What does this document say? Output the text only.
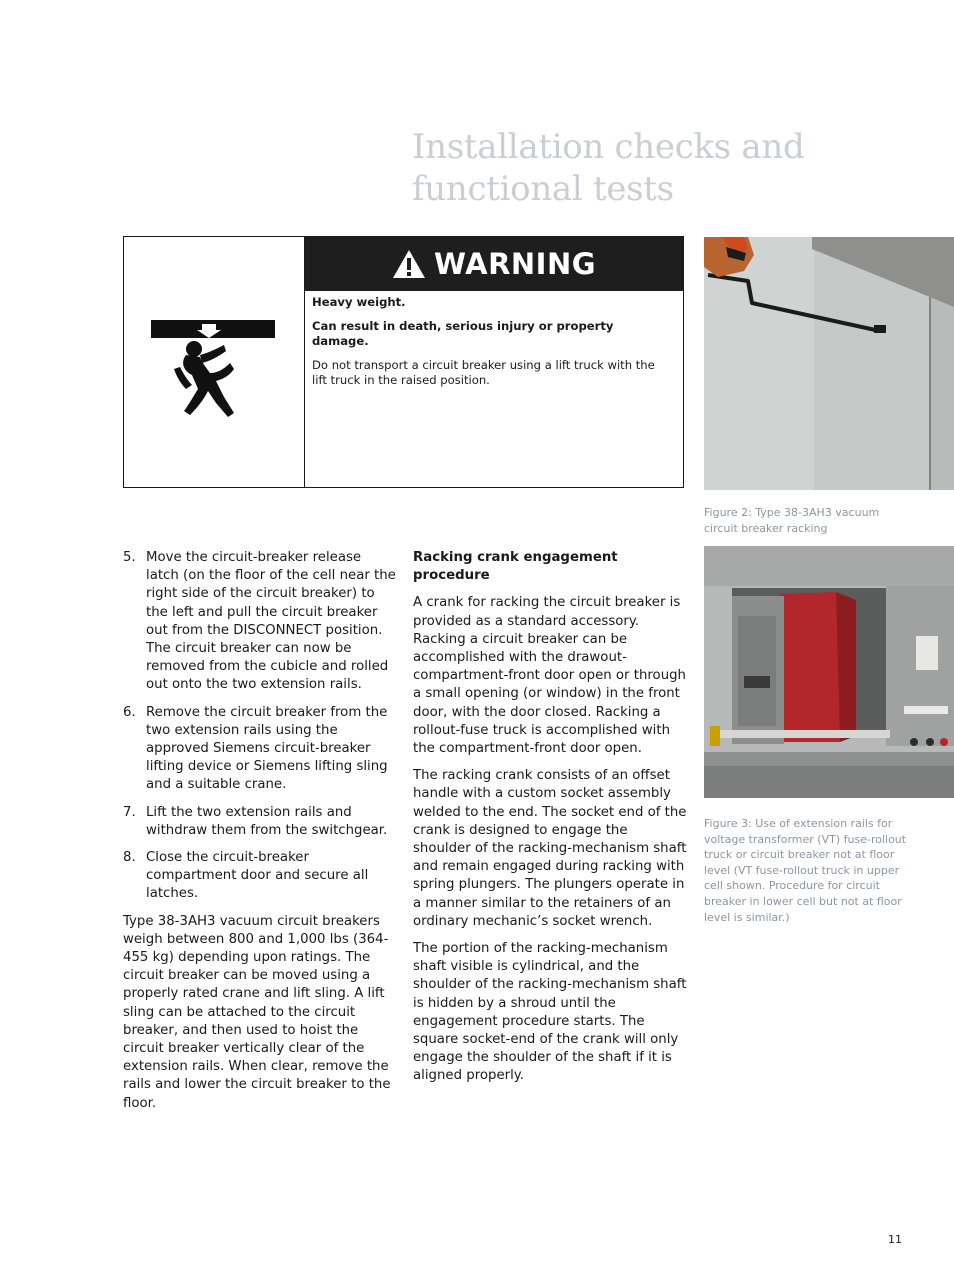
Installation checks and
functional tests
WARNING

Heavy weight.

Can result in death, serious injury or property damage.

Do not transport a circuit breaker using a lift truck with the lift truck in the raised position.

Figure 2: Type 38-3AH3 vacuum circuit breaker racking
Figure 3: Use of extension rails for voltage transformer (VT) fuse-rollout truck or circuit breaker not at floor level (VT fuse-rollout truck in upper cell shown. Procedure for circuit breaker in lower cell but not at floor level is similar.)
5. Move the circuit-breaker release latch (on the floor of the cell near the right side of the circuit breaker) to the left and pull the circuit breaker out from the DISCONNECT position. The circuit breaker can now be removed from the cubicle and rolled out onto the two extension rails.
6. Remove the circuit breaker from the two extension rails using the approved Siemens circuit-breaker lifting device or Siemens lifting sling and a suitable crane.
7. Lift the two extension rails and withdraw them from the switchgear.
8. Close the circuit-breaker compartment door and secure all latches.

Type 38-3AH3 vacuum circuit breakers weigh between 800 and 1,000 lbs (364-455 kg) depending upon ratings. The circuit breaker can be moved using a properly rated crane and lift sling. A lift sling can be attached to the circuit breaker, and then used to hoist the circuit breaker vertically clear of the extension rails. When clear, remove the rails and lower the circuit breaker to the floor.

Racking crank engagement procedure

A crank for racking the circuit breaker is provided as a standard accessory. Racking a circuit breaker can be accomplished with the drawout-compartment-front door open or through a small opening (or window) in the front door, with the door closed. Racking a rollout-fuse truck is accomplished with the compartment-front door open.

The racking crank consists of an offset handle with a custom socket assembly welded to the end. The socket end of the crank is designed to engage the shoulder of the racking-mechanism shaft and remain engaged during racking with spring plungers. The plungers operate in a manner similar to the retainers of an ordinary mechanic’s socket wrench.

The portion of the racking-mechanism shaft visible is cylindrical, and the shoulder of the racking-mechanism shaft is hidden by a shroud until the engagement procedure starts. The square socket-end of the crank will only engage the shoulder of the shaft if it is aligned properly.

11
